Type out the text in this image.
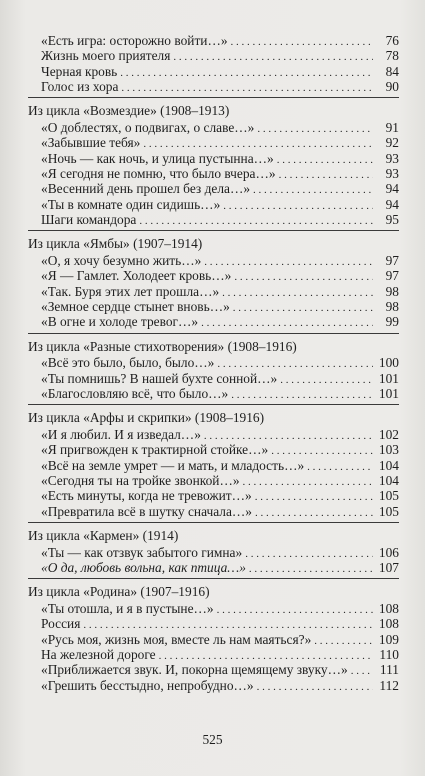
«Есть игра: осторожно войти…» . . .	76
Жизнь моего приятеля . . .	78
Черная кровь . . .	84
Голос из хора . . .	90
Из цикла «Возмездие» (1908–1913)
«О доблестях, о подвигах, о славе…» . . .	91
«Забывшие тебя» . . .	92
«Ночь — как ночь, и улица пустынна…» . . .	93
«Я сегодня не помню, что было вчера…» . . .	93
«Весенний день прошел без дела…» . . .	94
«Ты в комнате один сидишь…» . . .	94
Шаги командора . . .	95
Из цикла «Ямбы» (1907–1914)
«О, я хочу безумно жить…» . . .	97
«Я — Гамлет. Холодеет кровь…» . . .	97
«Так. Буря этих лет прошла…» . . .	98
«Земное сердце стынет вновь…» . . .	98
«В огне и холоде тревог…» . . .	99
Из цикла «Разные стихотворения» (1908–1916)
«Всё это было, было, было…» . . .	100
«Ты помнишь? В нашей бухте сонной…» . . .	101
«Благословляю всё, что было…» . . .	101
Из цикла «Арфы и скрипки» (1908–1916)
«И я любил. И я изведал…» . . .	102
«Я пригвожден к трактирной стойке…» . . .	103
«Всё на земле умрет — и мать, и младость…» . . .	104
«Сегодня ты на тройке звонкой…» . . .	104
«Есть минуты, когда не тревожит…» . . .	105
«Превратила всё в шутку сначала…» . . .	105
Из цикла «Кармен» (1914)
«Ты — как отзвук забытого гимна» . . .	106
«О да, любовь вольна, как птица…» . . .	107
Из цикла «Родина» (1907–1916)
«Ты отошла, и я в пустыне…» . . .	108
Россия . . .	108
«Русь моя, жизнь моя, вместе ль нам маяться?» . . .	109
На железной дороге . . .	110
«Приближается звук. И, покорна щемящему звуку…» . . .	111
«Грешить бесстыдно, непробудно…» . . .	112
525
